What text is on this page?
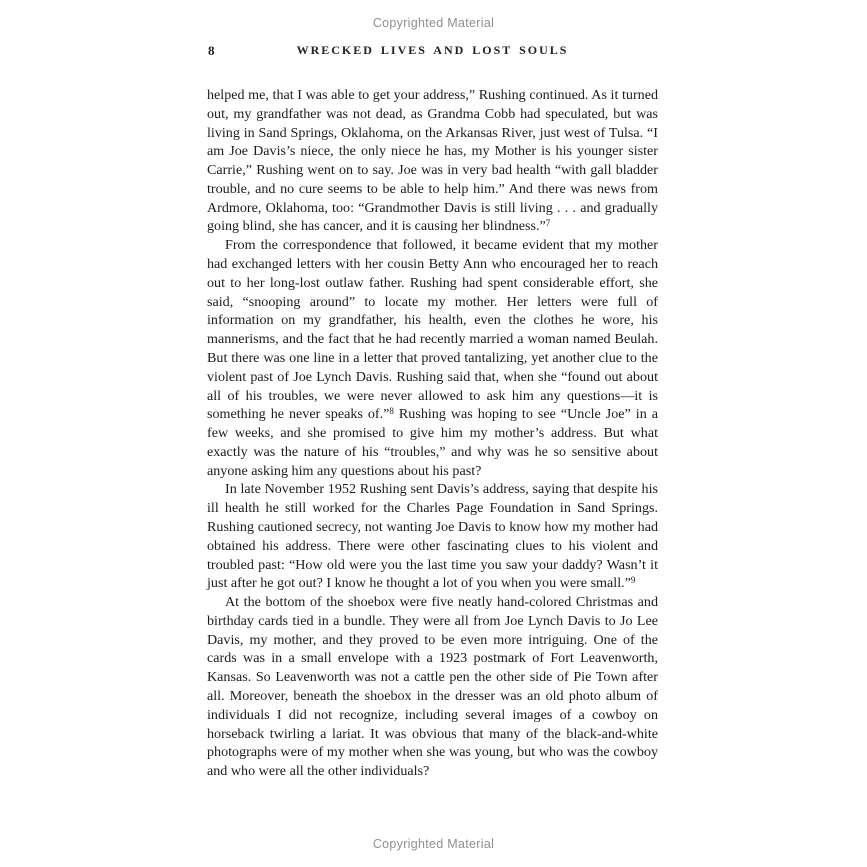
Copyrighted Material
8	WRECKED LIVES AND LOST SOULS

helped me, that I was able to get your address,” Rushing continued. As it turned out, my grandfather was not dead, as Grandma Cobb had speculated, but was living in Sand Springs, Oklahoma, on the Arkansas River, just west of Tulsa. “I am Joe Davis’s niece, the only niece he has, my Mother is his younger sister Carrie,” Rushing went on to say. Joe was in very bad health “with gall bladder trouble, and no cure seems to be able to help him.” And there was news from Ardmore, Oklahoma, too: “Grandmother Davis is still living . . . and gradually going blind, she has cancer, and it is causing her blindness.”$^7$

From the correspondence that followed, it became evident that my mother had exchanged letters with her cousin Betty Ann who encouraged her to reach out to her long-lost outlaw father. Rushing had spent considerable effort, she said, “snooping around” to locate my mother. Her letters were full of information on my grandfather, his health, even the clothes he wore, his mannerisms, and the fact that he had recently married a woman named Beulah. But there was one line in a letter that proved tantalizing, yet another clue to the violent past of Joe Lynch Davis. Rushing said that, when she “found out about all of his troubles, we were never allowed to ask him any questions—it is something he never speaks of.”$^8$ Rushing was hoping to see “Uncle Joe” in a few weeks, and she promised to give him my mother’s address. But what exactly was the nature of his “troubles,” and why was he so sensitive about anyone asking him any questions about his past?

In late November 1952 Rushing sent Davis’s address, saying that despite his ill health he still worked for the Charles Page Foundation in Sand Springs. Rushing cautioned secrecy, not wanting Joe Davis to know how my mother had obtained his address. There were other fascinating clues to his violent and troubled past: “How old were you the last time you saw your daddy? Wasn’t it just after he got out? I know he thought a lot of you when you were small.”$^9$

At the bottom of the shoebox were five neatly hand-colored Christmas and birthday cards tied in a bundle. They were all from Joe Lynch Davis to Jo Lee Davis, my mother, and they proved to be even more intriguing. One of the cards was in a small envelope with a 1923 postmark of Fort Leavenworth, Kansas. So Leavenworth was not a cattle pen the other side of Pie Town after all. Moreover, beneath the shoebox in the dresser was an old photo album of individuals I did not recognize, including several images of a cowboy on horseback twirling a lariat. It was obvious that many of the black-and-white photographs were of my mother when she was young, but who was the cowboy and who were all the other individuals?

Copyrighted Material
